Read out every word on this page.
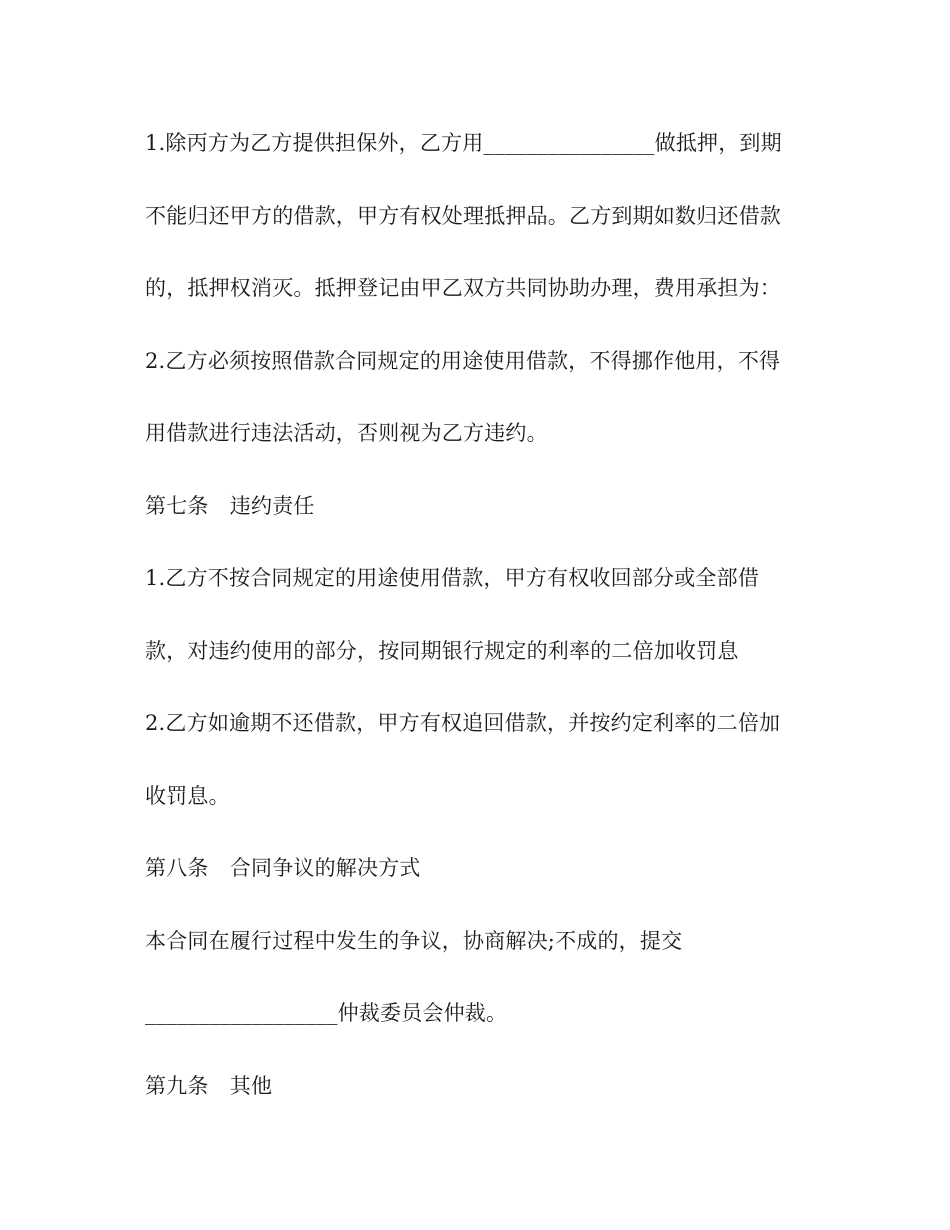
1.除丙方为乙方提供担保外，乙方用________________做抵押，到期

不能归还甲方的借款，甲方有权处理抵押品。乙方到期如数归还借款

的，抵押权消灭。抵押登记由甲乙双方共同协助办理，费用承担为：

2.乙方必须按照借款合同规定的用途使用借款，不得挪作他用，不得

用借款进行违法活动，否则视为乙方违约。

第七条　违约责任

1.乙方不按合同规定的用途使用借款，甲方有权收回部分或全部借

款，对违约使用的部分，按同期银行规定的利率的二倍加收罚息

2.乙方如逾期不还借款，甲方有权追回借款，并按约定利率的二倍加

收罚息。

第八条　合同争议的解决方式

本合同在履行过程中发生的争议，协商解决;不成的，提交

__________________仲裁委员会仲裁。

第九条　其他
